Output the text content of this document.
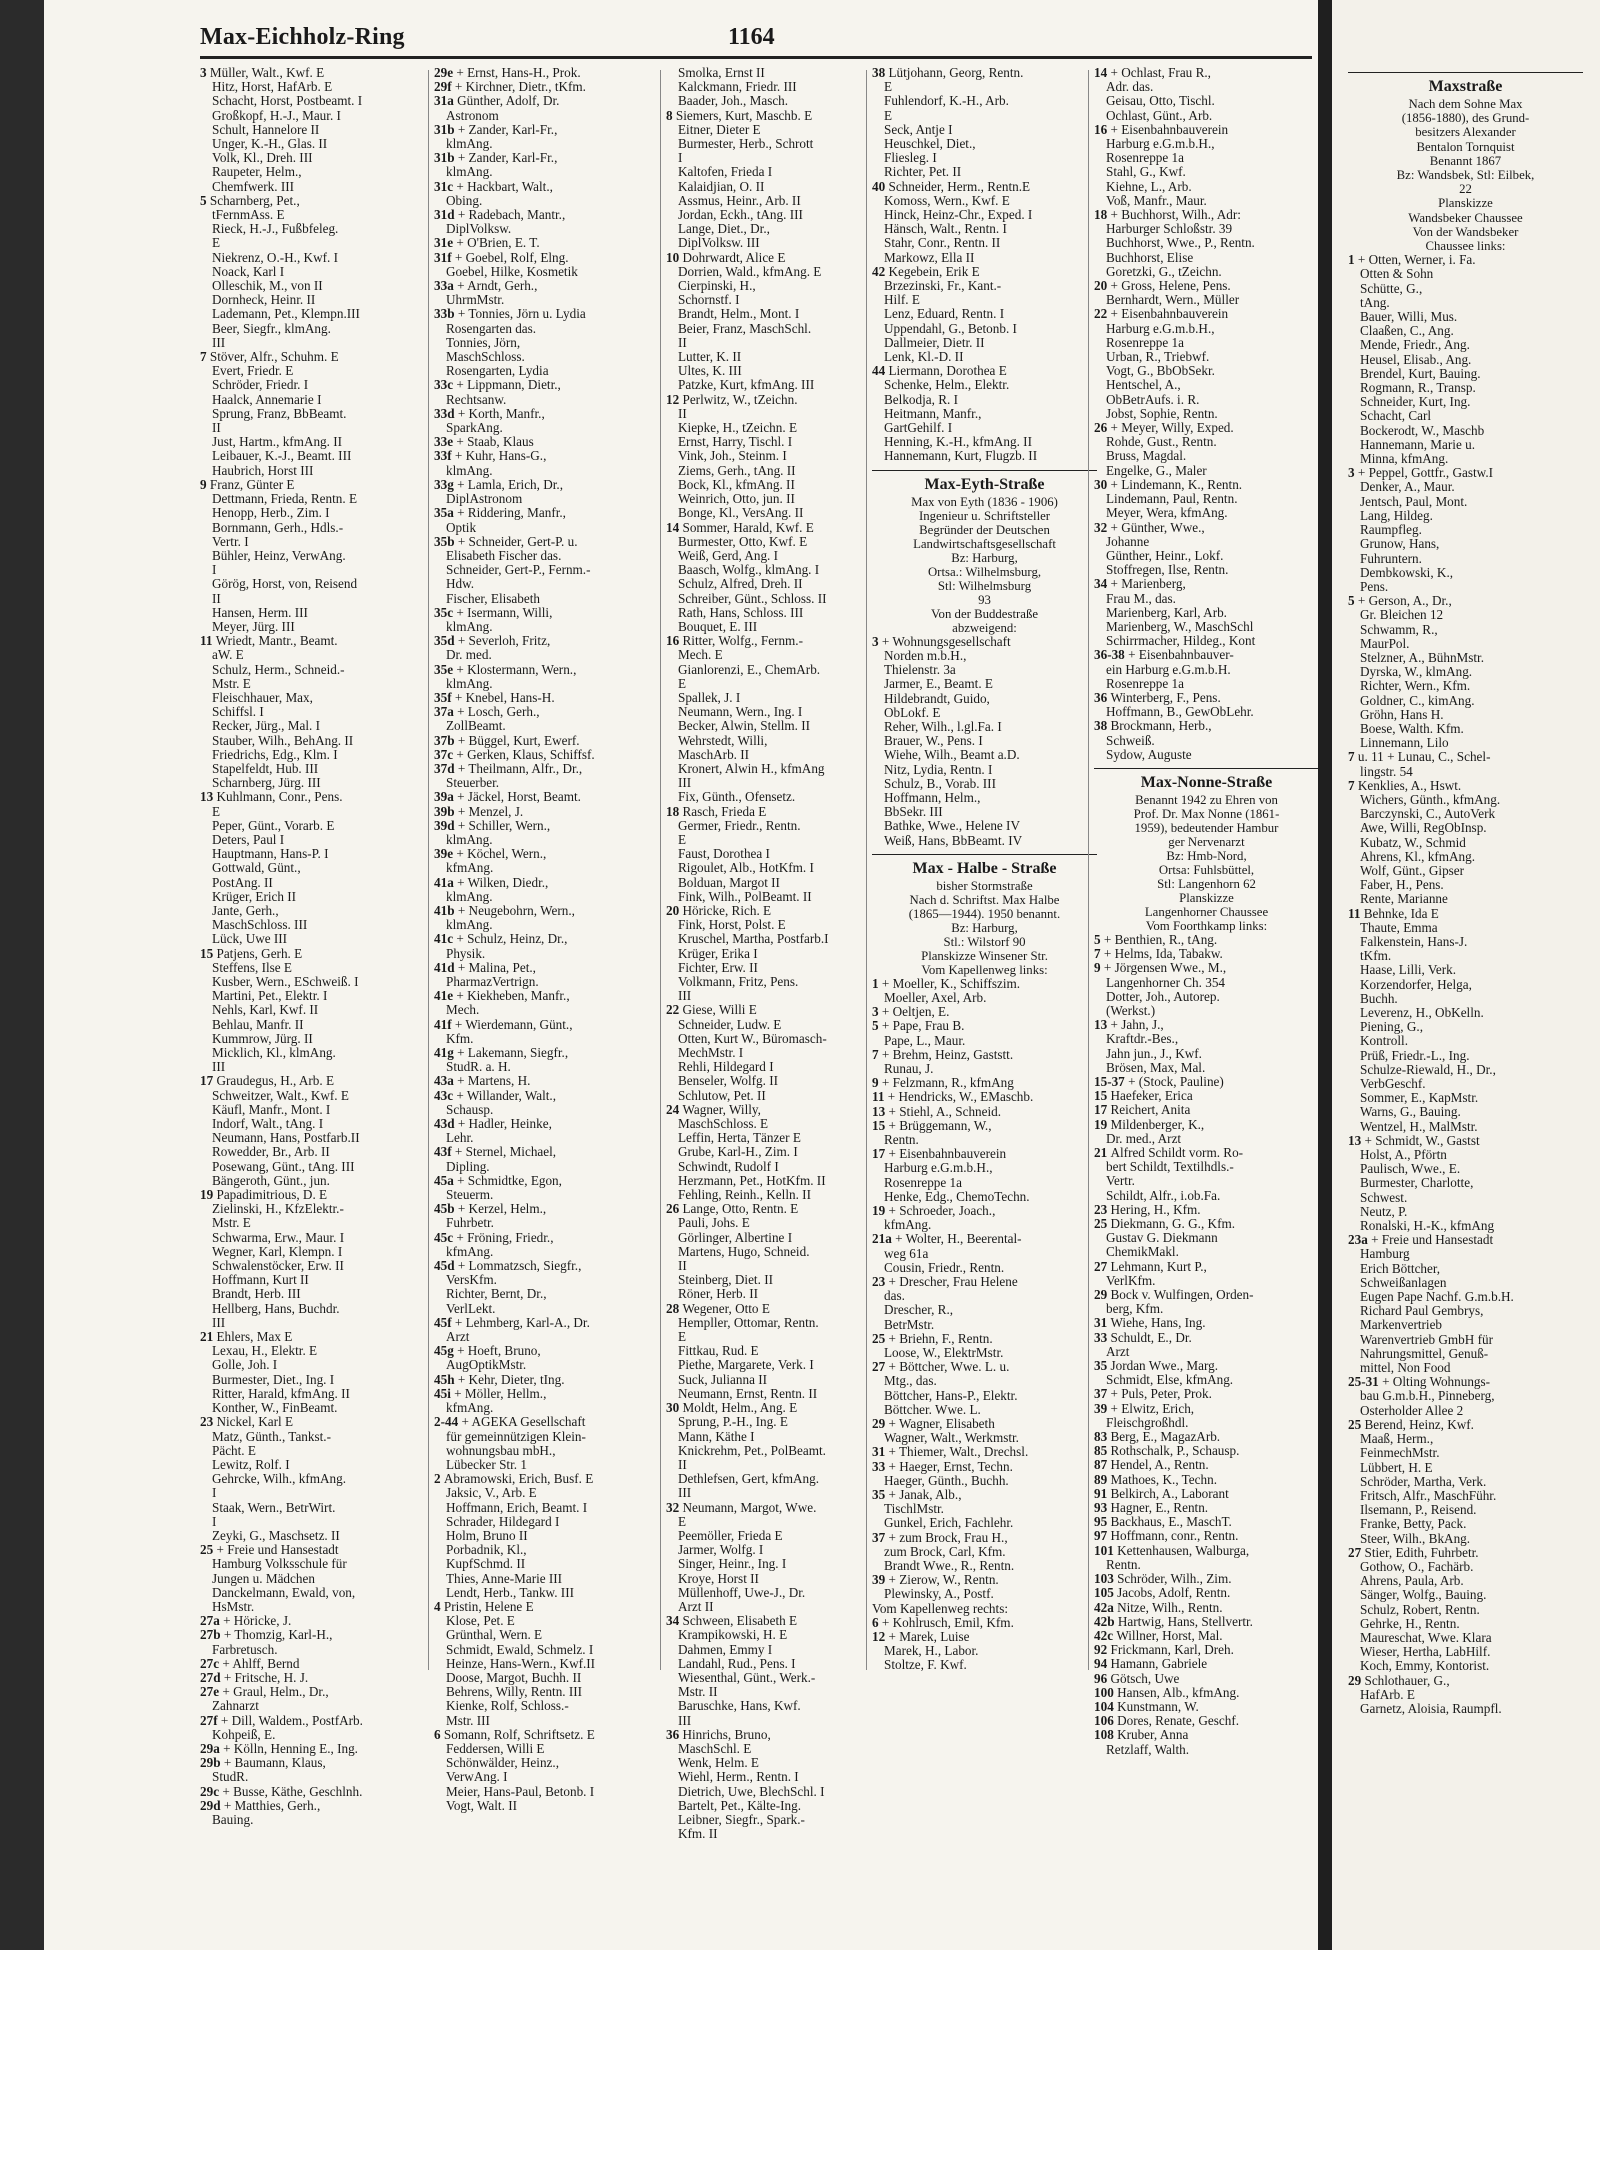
Max-Eichholz-Ring	1164
3 Müller, Walt., Kwf. E
Hitz, Horst, HafArb. E
Schacht, Horst, Postbeamt. I
Großkopf, H.-J., Maur. I
Schult, Hannelore II
Unger, K.-H., Glas. II
Volk, Kl., Dreh. III
Raupeter, Helm.,
Chemfwerk. III
5 Scharnberg, Pet.,
tFernmAss. E
Rieck, H.-J., Fußbfeleg.
E
Niekrenz, O.-H., Kwf. I
Noack, Karl I
Olleschik, M., von II
Dornheck, Heinr. II
Lademann, Pet., Klempn.III
Beer, Siegfr., klmAng.
III
7 Stöver, Alfr., Schuhm. E
Evert, Friedr. E
Schröder, Friedr. I
Haalck, Annemarie I
Sprung, Franz, BbBeamt.
II
Just, Hartm., kfmAng. II
Leibauer, K.-J., Beamt. III
Haubrich, Horst III
9 Franz, Günter E
Dettmann, Frieda, Rentn. E
Henopp, Herb., Zim. I
Bornmann, Gerh., Hdls.-
Vertr. I
Bühler, Heinz, VerwAng.
I
Görög, Horst, von, Reisend
II
Hansen, Herm. III
Meyer, Jürg. III
11 Wriedt, Mantr., Beamt.
aW. E
Schulz, Herm., Schneid.-
Mstr. E
Fleischhauer, Max,
Schiffsl. I
Recker, Jürg., Mal. I
Stauber, Wilh., BehAng. II
Friedrichs, Edg., Klm. I
Stapelfeldt, Hub. III
Scharnberg, Jürg. III
13 Kuhlmann, Conr., Pens.
E
Peper, Günt., Vorarb. E
Deters, Paul I
Hauptmann, Hans-P. I
Gottwald, Günt.,
PostAng. II
Krüger, Erich II
Jante, Gerh.,
MaschSchloss. III
Lück, Uwe III
15 Patjens, Gerh. E
Steffens, Ilse E
Kusber, Wern., ESchweiß. I
Martini, Pet., Elektr. I
Nehls, Karl, Kwf. II
Behlau, Manfr. II
Kummrow, Jürg. II
Micklich, Kl., klmAng.
III
17 Graudegus, H., Arb. E
Schweitzer, Walt., Kwf. E
Käufl, Manfr., Mont. I
Indorf, Walt., tAng. I
Neumann, Hans, Postfarb.II
Rowedder, Br., Arb. II
Posewang, Günt., tAng. III
Bängeroth, Günt., jun.
19 Papadimitrious, D. E
Zielinski, H., KfzElektr.-
Mstr. E
Schwarma, Erw., Maur. I
Wegner, Karl, Klempn. I
Schwalenstöcker, Erw. II
Hoffmann, Kurt II
Brandt, Herb. III
Hellberg, Hans, Buchdr.
III
21 Ehlers, Max E
Lexau, H., Elektr. E
Golle, Joh. I
Burmester, Diet., Ing. I
Ritter, Harald, kfmAng. II
Konther, W., FinBeamt.
23 Nickel, Karl E
Matz, Günth., Tankst.-
Pächt. E
Lewitz, Rolf. I
Gehrcke, Wilh., kfmAng.
I
Staak, Wern., BetrWirt.
I
Zeyki, G., Maschsetz. II
25 + Freie und Hansestadt
Hamburg Volksschule für
Jungen u. Mädchen
Danckelmann, Ewald, von,
HsMstr.
27a + Höricke, J.
27b + Thomzig, Karl-H.,
Farbretusch.
27c + Ahlff, Bernd
27d + Fritsche, H. J.
27e + Graul, Helm., Dr.,
Zahnarzt
27f + Dill, Waldem., PostfArb.
Kohpeiß, E.
29a + Kölln, Henning E., Ing.
29b + Baumann, Klaus,
StudR.
29c + Busse, Käthe, Geschlnh.
29d + Matthies, Gerh.,
Bauing.
29e + Ernst, Hans-H., Prok.
29f + Kirchner, Dietr., tKfm.
31a Günther, Adolf, Dr.
Astronom
31b + Zander, Karl-Fr.,
klmAng.
31b + Zander, Karl-Fr.,
klmAng.
31c + Hackbart, Walt.,
Obing.
31d + Radebach, Mantr.,
DiplVolksw.
31e + O'Brien, E. T.
31f + Goebel, Rolf, Elng.
Goebel, Hilke, Kosmetik
33a + Arndt, Gerh.,
UhrmMstr.
33b + Tonnies, Jörn u. Lydia
Rosengarten das.
Tonnies, Jörn,
MaschSchloss.
Rosengarten, Lydia
33c + Lippmann, Dietr.,
Rechtsanw.
33d + Korth, Manfr.,
SparkAng.
33e + Staab, Klaus
33f + Kuhr, Hans-G.,
klmAng.
33g + Lamla, Erich, Dr.,
DiplAstronom
35a + Riddering, Manfr.,
Optik
35b + Schneider, Gert-P. u.
Elisabeth Fischer das.
Schneider, Gert-P., Fernm.-
Hdw.
Fischer, Elisabeth
35c + Isermann, Willi,
klmAng.
35d + Severloh, Fritz,
Dr. med.
35e + Klostermann, Wern.,
klmAng.
35f + Knebel, Hans-H.
37a + Losch, Gerh.,
ZollBeamt.
37b + Büggel, Kurt, Ewerf.
37c + Gerken, Klaus, Schiffsf.
37d + Theilmann, Alfr., Dr.,
Steuerber.
39a + Jäckel, Horst, Beamt.
39b + Menzel, J.
39d + Schiller, Wern.,
klmAng.
39e + Köchel, Wern.,
kfmAng.
41a + Wilken, Diedr.,
klmAng.
41b + Neugebohrn, Wern.,
klmAng.
41c + Schulz, Heinz, Dr.,
Physik.
41d + Malina, Pet.,
PharmazVertrign.
41e + Kiekheben, Manfr.,
Mech.
41f + Wierdemann, Günt.,
Kfm.
41g + Lakemann, Siegfr.,
StudR. a. H.
43a + Martens, H.
43c + Willander, Walt.,
Schausp.
43d + Hadler, Heinke,
Lehr.
43f + Sternel, Michael,
Dipling.
45a + Schmidtke, Egon,
Steuerm.
45b + Kerzel, Helm.,
Fuhrbetr.
45c + Fröning, Friedr.,
kfmAng.
45d + Lommatzsch, Siegfr.,
VersKfm.
Richter, Bernt, Dr.,
VerlLekt.
45f + Lehmberg, Karl-A., Dr.
Arzt
45g + Hoeft, Bruno,
AugOptikMstr.
45h + Kehr, Dieter, tIng.
45i + Möller, Hellm.,
kfmAng.
2-44 + AGEKA Gesellschaft
für gemeinnützigen Klein-
wohnungsbau mbH.,
Lübecker Str. 1
2 Abramowski, Erich, Busf. E
Jaksic, V., Arb. E
Hoffmann, Erich, Beamt. I
Schrader, Hildegard I
Holm, Bruno II
Porbadnik, Kl.,
KupfSchmd. II
Thies, Anne-Marie III
Lendt, Herb., Tankw. III
4 Pristin, Helene E
Klose, Pet. E
Grünthal, Wern. E
Schmidt, Ewald, Schmelz. I
Heinze, Hans-Wern., Kwf.II
Doose, Margot, Buchh. II
Behrens, Willy, Rentn. III
Kienke, Rolf, Schloss.-
Mstr. III
6 Somann, Rolf, Schriftsetz. E
Feddersen, Willi E
Schönwälder, Heinz.,
VerwAng. I
Meier, Hans-Paul, Betonb. I
Vogt, Walt. II
Smolka, Ernst II
Kalckmann, Friedr. III
Baader, Joh., Masch.
8 Siemers, Kurt, Maschb. E
Eitner, Dieter E
Burmester, Herb., Schrott
I
Kaltofen, Frieda I
Kalaidjian, O. II
Assmus, Heinr., Arb. II
Jordan, Eckh., tAng. III
Lange, Diet., Dr.,
DiplVolksw. III
10 Dohrwardt, Alice E
Dorrien, Wald., kfmAng. E
Cierpinski, H.,
Schornstf. I
Brandt, Helm., Mont. I
Beier, Franz, MaschSchl.
II
Lutter, K. II
Ultes, K. III
Patzke, Kurt, kfmAng. III
12 Perlwitz, W., tZeichn.
II
Kiepke, H., tZeichn. E
Ernst, Harry, Tischl. I
Vink, Joh., Steinm. I
Ziems, Gerh., tAng. II
Bock, Kl., kfmAng. II
Weinrich, Otto, jun. II
Bonge, Kl., VersAng. II
14 Sommer, Harald, Kwf. E
Burmester, Otto, Kwf. E
Weiß, Gerd, Ang. I
Baasch, Wolfg., klmAng. I
Schulz, Alfred, Dreh. II
Schreiber, Günt., Schloss. II
Rath, Hans, Schloss. III
Bouquet, E. III
16 Ritter, Wolfg., Fernm.-
Mech. E
Gianlorenzi, E., ChemArb.
E
Spallek, J. I
Neumann, Wern., Ing. I
Becker, Alwin, Stellm. II
Wehrstedt, Willi,
MaschArb. II
Kronert, Alwin H., kfmAng
III
Fix, Günth., Ofensetz.
18 Rasch, Frieda E
Germer, Friedr., Rentn.
E
Faust, Dorothea I
Rigoulet, Alb., HotKfm. I
Bolduan, Margot II
Fink, Wilh., PolBeamt. II
20 Höricke, Rich. E
Fink, Horst, Polst. E
Kruschel, Martha, Postfarb.I
Krüger, Erika I
Fichter, Erw. II
Volkmann, Fritz, Pens.
III
22 Giese, Willi E
Schneider, Ludw. E
Otten, Kurt W., Büromasch-
MechMstr. I
Rehli, Hildegard I
Benseler, Wolfg. II
Schlutow, Pet. II
24 Wagner, Willy,
MaschSchloss. E
Leffin, Herta, Tänzer E
Grube, Karl-H., Zim. I
Schwindt, Rudolf I
Herzmann, Pet., HotKfm. II
Fehling, Reinh., Kelln. II
26 Lange, Otto, Rentn. E
Pauli, Johs. E
Görlinger, Albertine I
Martens, Hugo, Schneid.
II
Steinberg, Diet. II
Röner, Herb. II
28 Wegener, Otto E
Hempller, Ottomar, Rentn.
E
Fittkau, Rud. E
Piethe, Margarete, Verk. I
Suck, Julianna II
Neumann, Ernst, Rentn. II
30 Moldt, Helm., Ang. E
Sprung, P.-H., Ing. E
Mann, Käthe I
Knickrehm, Pet., PolBeamt.
II
Dethlefsen, Gert, kfmAng.
III
32 Neumann, Margot, Wwe.
E
Peemöller, Frieda E
Jarmer, Wolfg. I
Singer, Heinr., Ing. I
Kroye, Horst II
Müllenhoff, Uwe-J., Dr.
Arzt II
34 Schween, Elisabeth E
Krampikowski, H. E
Dahmen, Emmy I
Landahl, Rud., Pens. I
Wiesenthal, Günt., Werk.-
Mstr. II
Baruschke, Hans, Kwf.
III
36 Hinrichs, Bruno,
MaschSchl. E
Wenk, Helm. E
Wiehl, Herm., Rentn. I
Dietrich, Uwe, BlechSchl. I
Bartelt, Pet., Kälte-Ing.
Leibner, Siegfr., Spark.-
Kfm. II
38 Lütjohann, Georg, Rentn.
E
Fuhlendorf, K.-H., Arb.
E
Seck, Antje I
Heuschkel, Diet.,
Fliesleg. I
Richter, Pet. II
40 Schneider, Herm., Rentn.E
Komoss, Wern., Kwf. E
Hinck, Heinz-Chr., Exped. I
Hänsch, Walt., Rentn. I
Stahr, Conr., Rentn. II
Markowz, Ella II
42 Kegebein, Erik E
Brzezinski, Fr., Kant.-
Hilf. E
Lenz, Eduard, Rentn. I
Uppendahl, G., Betonb. I
Dallmeier, Dietr. II
Lenk, Kl.-D. II
44 Liermann, Dorothea E
Schenke, Helm., Elektr.
Belkodja, R. I
Heitmann, Manfr.,
GartGehilf. I
Henning, K.-H., kfmAng. II
Hannemann, Kurt, Flugzb. II
Max-Eyth-Straße
Max von Eyth (1836 - 1906)
Ingenieur u. Schriftsteller
Begründer der Deutschen
Landwirtschaftsgesellschaft
Bz: Harburg,
Ortsa.: Wilhelmsburg,
Stl: Wilhelmsburg
93
Von der Buddestraße
abzweigend:
3 + Wohnungsgesellschaft
Norden m.b.H.,
Thielenstr. 3a
Jarmer, E., Beamt. E
Hildebrandt, Guido,
ObLokf. E
Reher, Wilh., l.gl.Fa. I
Brauer, W., Pens. I
Wiehe, Wilh., Beamt a.D.
Nitz, Lydia, Rentn. I
Schulz, B., Vorab. III
Hoffmann, Helm.,
BbSekr. III
Bathke, Wwe., Helene IV
Weiß, Hans, BbBeamt. IV
Max - Halbe - Straße
bisher Stormstraße
Nach d. Schriftst. Max Halbe
(1865—1944). 1950 benannt.
Bz: Harburg,
Stl.: Wilstorf 90
Planskizze Winsener Str.
Vom Kapellenweg links:
1 + Moeller, K., Schiffszim.
Moeller, Axel, Arb.
3 + Oeltjen, E.
5 + Pape, Frau B.
Pape, L., Maur.
7 + Brehm, Heinz, Gaststt.
Runau, J.
9 + Felzmann, R., kfmAng
11 + Hendricks, W., EMaschb.
13 + Stiehl, A., Schneid.
15 + Brüggemann, W.,
Rentn.
17 + Eisenbahnbauverein
Harburg e.G.m.b.H.,
Rosenreppe 1a
Henke, Edg., ChemoTechn.
19 + Schroeder, Joach.,
kfmAng.
21a + Wolter, H., Beerental-
weg 61a
Cousin, Friedr., Rentn.
23 + Drescher, Frau Helene
das.
Drescher, R.,
BetrMstr.
25 + Briehn, F., Rentn.
Loose, W., ElektrMstr.
27 + Böttcher, Wwe. L. u.
Mtg., das.
Böttcher, Hans-P., Elektr.
Böttcher. Wwe. L.
29 + Wagner, Elisabeth
Wagner, Walt., Werkmstr.
31 + Thiemer, Walt., Drechsl.
33 + Haeger, Ernst, Techn.
Haeger, Günth., Buchh.
35 + Janak, Alb.,
TischlMstr.
Gunkel, Erich, Fachlehr.
37 + zum Brock, Frau H.,
zum Brock, Carl, Kfm.
Brandt Wwe., R., Rentn.
39 + Zierow, W., Rentn.
Plewinsky, A., Postf.
Vom Kapellenweg rechts:
6 + Kohlrusch, Emil, Kfm.
12 + Marek, Luise
Marek, H., Labor.
Stoltze, F. Kwf.
14 + Ochlast, Frau R.,
Adr. das.
Geisau, Otto, Tischl.
Ochlast, Günt., Arb.
16 + Eisenbahnbauverein
Harburg e.G.m.b.H.,
Rosenreppe 1a
Stahl, G., Kwf.
Kiehne, L., Arb.
Voß, Manfr., Maur.
18 + Buchhorst, Wilh., Adr:
Harburger Schloßstr. 39
Buchhorst, Wwe., P., Rentn.
Buchhorst, Elise
Goretzki, G., tZeichn.
20 + Gross, Helene, Pens.
Bernhardt, Wern., Müller
22 + Eisenbahnbauverein
Harburg e.G.m.b.H.,
Rosenreppe 1a
Urban, R., Triebwf.
Vogt, G., BbObSekr.
Hentschel, A.,
ObBetrAufs. i. R.
Jobst, Sophie, Rentn.
26 + Meyer, Willy, Exped.
Rohde, Gust., Rentn.
Bruss, Magdal.
Engelke, G., Maler
30 + Lindemann, K., Rentn.
Lindemann, Paul, Rentn.
Meyer, Wera, kfmAng.
32 + Günther, Wwe.,
Johanne
Günther, Heinr., Lokf.
Stoffregen, Ilse, Rentn.
34 + Marienberg,
Frau M., das.
Marienberg, Karl, Arb.
Marienberg, W., MaschSchl
Schirrmacher, Hildeg., Kont
36-38 + Eisenbahnbauver-
ein Harburg e.G.m.b.H.
Rosenreppe 1a
36 Winterberg, F., Pens.
Hoffmann, B., GewObLehr.
38 Brockmann, Herb.,
Schweiß.
Sydow, Auguste
Max-Nonne-Straße
Benannt 1942 zu Ehren von
Prof. Dr. Max Nonne (1861-
1959), bedeutender Hambur
ger Nervenarzt
Bz: Hmb-Nord,
Ortsa: Fuhlsbüttel,
Stl: Langenhorn 62
Planskizze
Langenhorner Chaussee
Vom Foorthkamp links:
5 + Benthien, R., tAng.
7 + Helms, Ida, Tabakw.
9 + Jörgensen Wwe., M.,
Langenhorner Ch. 354
Dotter, Joh., Autorep.
(Werkst.)
13 + Jahn, J.,
Kraftdr.-Bes.,
Jahn jun., J., Kwf.
Brösen, Max, Mal.
15-37 + (Stock, Pauline)
15 Haefeker, Erica
17 Reichert, Anita
19 Mildenberger, K.,
Dr. med., Arzt
21 Alfred Schildt vorm. Ro-
bert Schildt, Textilhdls.-
Vertr.
Schildt, Alfr., i.ob.Fa.
23 Hering, H., Kfm.
25 Diekmann, G. G., Kfm.
Gustav G. Diekmann
ChemikMakl.
27 Lehmann, Kurt P.,
VerlKfm.
29 Bock v. Wulfingen, Orden-
berg, Kfm.
31 Wiehe, Hans, Ing.
33 Schuldt, E., Dr.
Arzt
35 Jordan Wwe., Marg.
Schmidt, Else, kfmAng.
37 + Puls, Peter, Prok.
39 + Elwitz, Erich,
Fleischgroßhdl.
83 Berg, E., MagazArb.
85 Rothschalk, P., Schausp.
87 Hendel, A., Rentn.
89 Mathoes, K., Techn.
91 Belkirch, A., Laborant
93 Hagner, E., Rentn.
95 Backhaus, E., MaschT.
97 Hoffmann, conr., Rentn.
101 Kettenhausen, Walburga,
Rentn.
103 Schröder, Wilh., Zim.
105 Jacobs, Adolf, Rentn.
42a Nitze, Wilh., Rentn.
42b Hartwig, Hans, Stellvertr.
42c Willner, Horst, Mal.
92 Frickmann, Karl, Dreh.
94 Hamann, Gabriele
96 Götsch, Uwe
100 Hansen, Alb., kfmAng.
104 Kunstmann, W.
106 Dores, Renate, Geschf.
108 Kruber, Anna
Retzlaff, Walth.
Maxstraße
Nach dem Sohne Max
(1856-1880), des Grund-
besitzers Alexander
Bentalon Tornquist
Benannt 1867
Bz: Wandsbek, Stl: Eilbek,
22
Planskizze
Wandsbeker Chaussee
Von der Wandsbeker
Chaussee links:
1 + Otten, Werner, i. Fa.
Otten & Sohn
Schütte, G.,
tAng.
Bauer, Willi, Mus.
Claaßen, C., Ang.
Mende, Friedr., Ang.
Heusel, Elisab., Ang.
Brendel, Kurt, Bauing.
Rogmann, R., Transp.
Schneider, Kurt, Ing.
Schacht, Carl
Bockerodt, W., Maschb
Hannemann, Marie u.
Minna, kfmAng.
3 + Peppel, Gottfr., Gastw.I
Denker, A., Maur.
Jentsch, Paul, Mont.
Lang, Hildeg.
Raumpfleg.
Grunow, Hans,
Fuhruntern.
Dembkowski, K.,
Pens.
5 + Gerson, A., Dr.,
Gr. Bleichen 12
Schwamm, R.,
MaurPol.
Stelzner, A., BühnMstr.
Dyrska, W., klmAng.
Richter, Wern., Kfm.
Goldner, C., kimAng.
Gröhn, Hans H.
Boese, Walth. Kfm.
Linnemann, Lilo
7 u. 11 + Lunau, C., Schel-
lingstr. 54
7 Kenklies, A., Hswt.
Wichers, Günth., kfmAng.
Barczynski, C., AutoVerk
Awe, Willi, RegObInsp.
Kubatz, W., Schmid
Ahrens, Kl., kfmAng.
Wolf, Günt., Gipser
Faber, H., Pens.
Rente, Marianne
11 Behnke, Ida E
Thaute, Emma
Falkenstein, Hans-J.
tKfm.
Haase, Lilli, Verk.
Korzendorfer, Helga,
Buchh.
Leverenz, H., ObKelln.
Piening, G.,
Kontroll.
Prüß, Friedr.-L., Ing.
Schulze-Riewald, H., Dr.,
VerbGeschf.
Sommer, E., KapMstr.
Warns, G., Bauing.
Wentzel, H., MalMstr.
13 + Schmidt, W., Gastst
Holst, A., Pförtn
Paulisch, Wwe., E.
Burmester, Charlotte,
Schwest.
Neutz, P.
Ronalski, H.-K., kfmAng
23a + Freie und Hansestadt
Hamburg
Erich Böttcher,
Schweißanlagen
Eugen Pape Nachf. G.m.b.H.
Richard Paul Gembrys,
Markenvertrieb
Warenvertrieb GmbH für
Nahrungsmittel, Genuß-
mittel, Non Food
25-31 + Olting Wohnungs-
bau G.m.b.H., Pinneberg,
Osterholder Allee 2
25 Berend, Heinz, Kwf.
Maaß, Herm.,
FeinmechMstr.
Lübbert, H. E
Schröder, Martha, Verk.
Fritsch, Alfr., MaschFühr.
Ilsemann, P., Reisend.
Franke, Betty, Pack.
Steer, Wilh., BkAng.
27 Stier, Edith, Fuhrbetr.
Gothow, O., Fachärb.
Ahrens, Paula, Arb.
Sänger, Wolfg., Bauing.
Schulz, Robert, Rentn.
Gehrke, H., Rentn.
Maureschat, Wwe. Klara
Wieser, Hertha, LabHilf.
Koch, Emmy, Kontorist.
29 Schlothauer, G.,
HafArb. E
Garnetz, Aloisia, Raumpfl.
